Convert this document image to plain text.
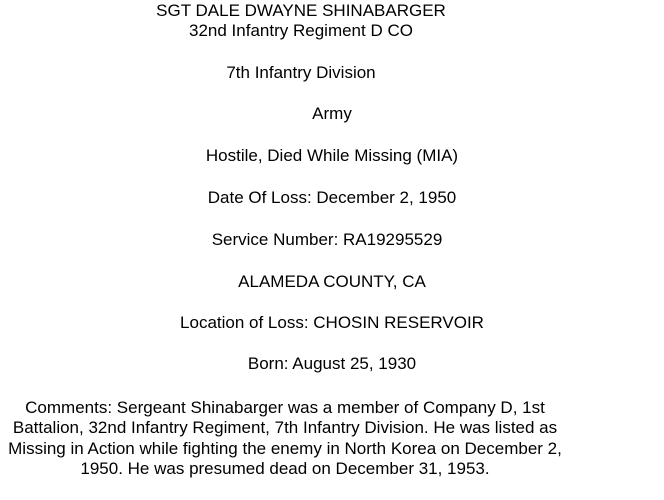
SGT DALE DWAYNE SHINABARGER
32nd Infantry Regiment D CO
7th Infantry Division
Army
Hostile, Died While Missing (MIA)
Date Of Loss: December 2, 1950
Service Number: RA19295529
ALAMEDA COUNTY, CA
Location of Loss: CHOSIN RESERVOIR
Born: August 25, 1930
Comments: Sergeant Shinabarger was a member of Company D, 1st Battalion, 32nd Infantry Regiment, 7th Infantry Division. He was listed as Missing in Action while fighting the enemy in North Korea on December 2, 1950. He was presumed dead on December 31, 1953.
